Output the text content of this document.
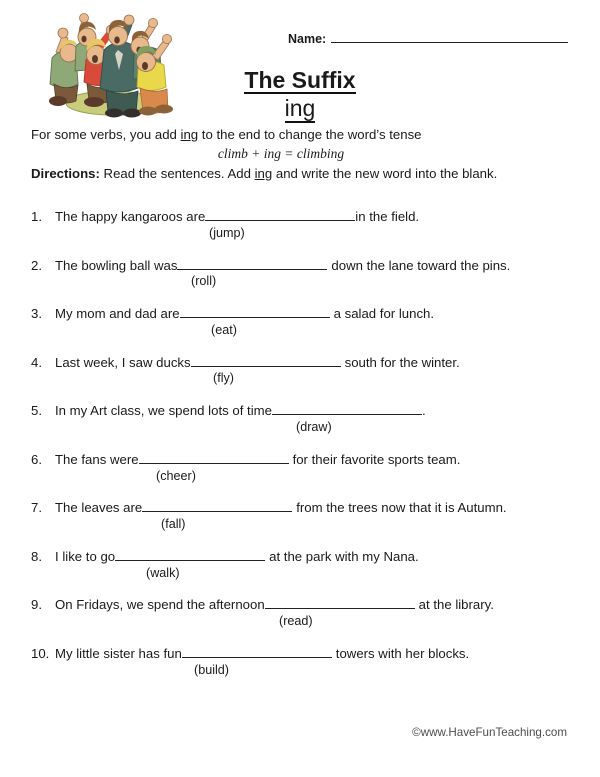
Name:
The Suffix
ing
For some verbs, you add ing to the end to change the word’s tense
climb + ing = climbing
Directions: Read the sentences. Add ing and write the new word into the blank.
1. The happy kangaroos are	in the field.
(jump)
2. The bowling ball was	down the lane toward the pins.
(roll)
3. My mom and dad are	a salad for lunch.
(eat)
4. Last week, I saw ducks	south for the winter.
(fly)
5. In my Art class, we spend lots of time	.
(draw)
6. The fans were	for their favorite sports team.
(cheer)
7. The leaves are	from the trees now that it is Autumn.
(fall)
8. I like to go	at the park with my Nana.
(walk)
9. On Fridays, we spend the afternoon	at the library.
(read)
10. My little sister has fun	towers with her blocks.
(build)
©www.HaveFunTeaching.com
